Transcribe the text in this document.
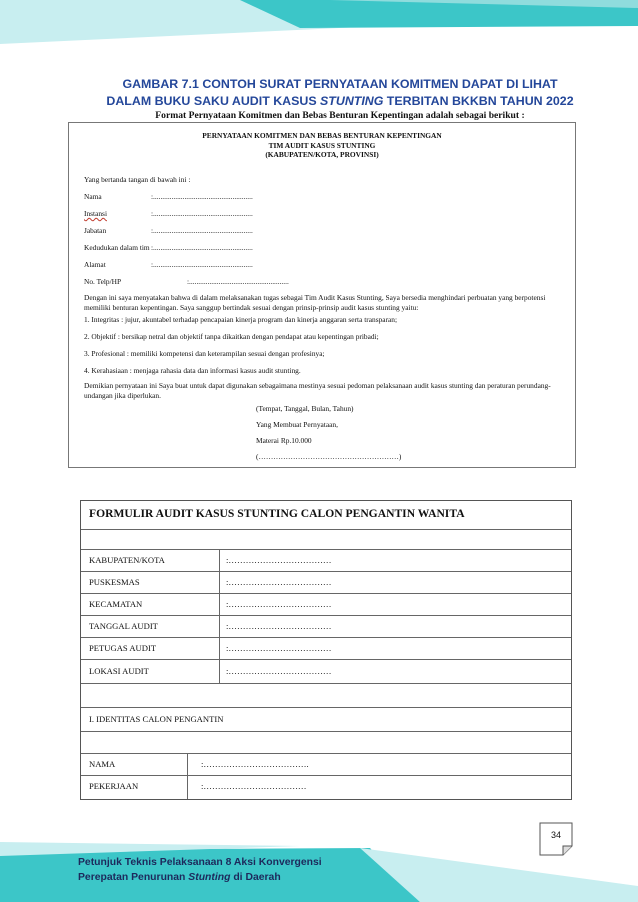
GAMBAR 7.1 CONTOH SURAT PERNYATAAN KOMITMEN DAPAT DI LIHAT
DALAM BUKU SAKU AUDIT KASUS STUNTING TERBITAN BKKBN TAHUN 2022
Format Pernyataan Komitmen dan Bebas Benturan Kepentingan adalah sebagai berikut :
PERNYATAAN KOMITMEN DAN BEBAS BENTURAN KEPENTINGAN
TIM AUDIT KASUS STUNTING
(KABUPATEN/KOTA, PROVINSI)
Yang bertanda tangan di bawah ini :
Nama	:......................................................
Instansi	:......................................................
Jabatan	:......................................................
Kedudukan dalam tim :......................................................
Alamat	:......................................................
No. Telp/HP	:......................................................
Dengan ini saya menyatakan bahwa di dalam melaksanakan tugas sebagai Tim Audit Kasus Stunting, Saya bersedia menghindari perbuatan yang berpotensi memiliki benturan kepentingan. Saya sanggup bertindak sesuai dengan prinsip-prinsip audit kasus stunting yaitu:
1. Integritas : jujur, akuntabel terhadap pencapaian kinerja program dan kinerja anggaran serta transparan;
2. Objektif : bersikap netral dan objektif tanpa dikaitkan dengan pendapat atau kepentingan pribadi;
3. Profesional : memiliki kompetensi dan keterampilan sesuai dengan profesinya;
4. Kerahasiaan : menjaga rahasia data dan informasi kasus audit stunting.
Demikian pernyataan ini Saya buat untuk dapat digunakan sebagaimana mestinya sesuai pedoman pelaksanaan audit kasus stunting dan peraturan perundang-undangan jika diperlukan.
(Tempat, Tanggal, Bulan, Tahun)
Yang Membuat Pernyataan,
Materai Rp.10.000
(…………………………………………………)
FORMULIR AUDIT KASUS STUNTING CALON PENGANTIN WANITA
KABUPATEN/KOTA	:………………………………
PUSKESMAS	:………………………………
KECAMATAN	:………………………………
TANGGAL AUDIT	:………………………………
PETUGAS AUDIT	:………………………………
LOKASI AUDIT	:………………………………
I. IDENTITAS CALON PENGANTIN
NAMA	:……………………………….
PEKERJAAN	:………………………………
34
Petunjuk Teknis Pelaksanaan 8 Aksi Konvergensi
Perepatan Penurunan Stunting di Daerah
